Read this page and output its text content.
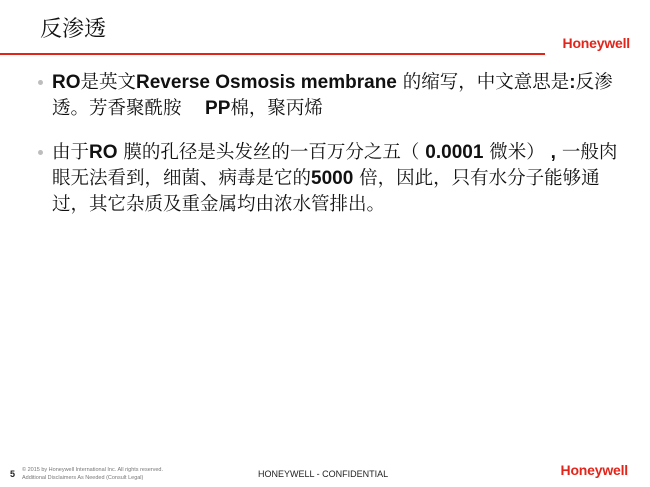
反渗透
Honeywell
RO是英文Reverse Osmosis membrane 的缩写，中文意思是:反渗透。芳香聚酰胺    PP棉，聚丙烯
由于RO 膜的孔径是头发丝的一百万分之五（ 0.0001 微米） , 一般肉眼无法看到，细菌、病毒是它的5000 倍，因此，只有水分子能够通过，其它杂质及重金属均由浓水管排出。
5 © 2015 by Honeywell International Inc. All rights reserved.
Additional Disclaimers As Needed (Consult Legal)	HONEYWELL - CONFIDENTIAL	Honeywell
